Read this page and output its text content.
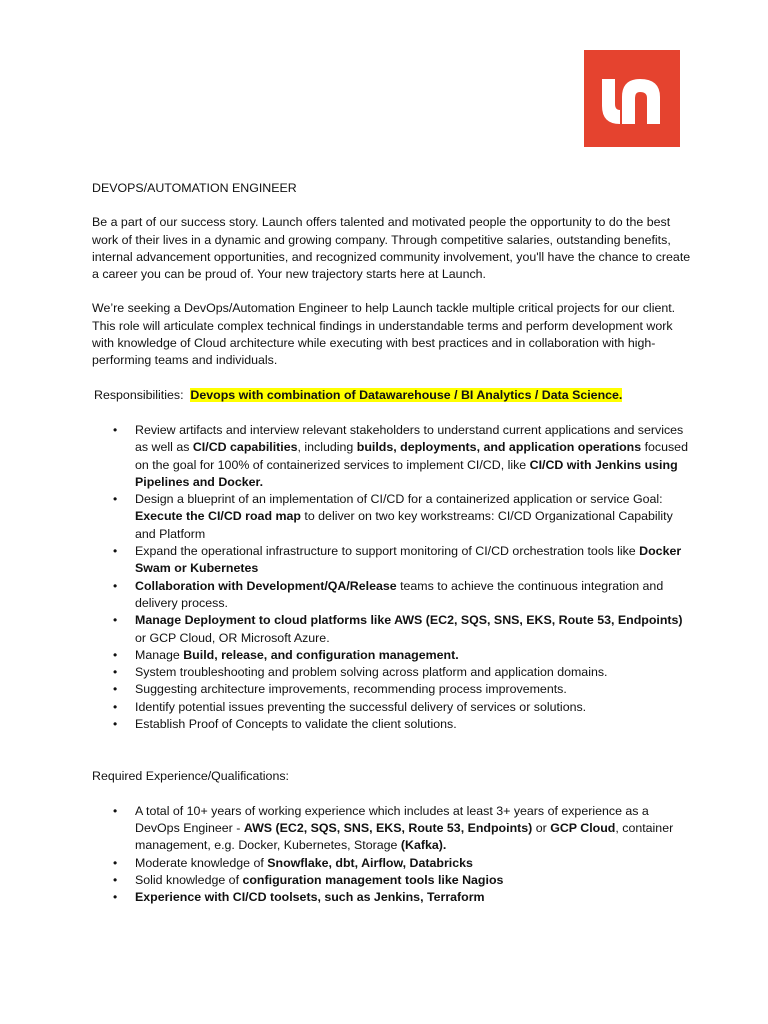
DEVOPS/AUTOMATION ENGINEER

Be a part of our success story. Launch offers talented and motivated people the opportunity to do the best work of their lives in a dynamic and growing company. Through competitive salaries, outstanding benefits, internal advancement opportunities, and recognized community involvement, you'll have the chance to create a career you can be proud of. Your new trajectory starts here at Launch.

We’re seeking a DevOps/Automation Engineer to help Launch tackle multiple critical projects for our client. This role will articulate complex technical findings in understandable terms and perform development work with knowledge of Cloud architecture while executing with best practices and in collaboration with high-performing teams and individuals.

Responsibilities: Devops with combination of Datawarehouse / BI Analytics / Data Science.
• Review artifacts and interview relevant stakeholders to understand current applications and services as well as CI/CD capabilities, including builds, deployments, and application operations focused on the goal for 100% of containerized services to implement CI/CD, like CI/CD with Jenkins using Pipelines and Docker.
• Design a blueprint of an implementation of CI/CD for a containerized application or service Goal: Execute the CI/CD road map to deliver on two key workstreams: CI/CD Organizational Capability and Platform
• Expand the operational infrastructure to support monitoring of CI/CD orchestration tools like Docker Swam or Kubernetes
• Collaboration with Development/QA/Release teams to achieve the continuous integration and delivery process.
• Manage Deployment to cloud platforms like AWS (EC2, SQS, SNS, EKS, Route 53, Endpoints) or GCP Cloud, OR Microsoft Azure.
• Manage Build, release, and configuration management.
• System troubleshooting and problem solving across platform and application domains.
• Suggesting architecture improvements, recommending process improvements.
• Identify potential issues preventing the successful delivery of services or solutions.
• Establish Proof of Concepts to validate the client solutions.
Required Experience/Qualifications:
• A total of 10+ years of working experience which includes at least 3+ years of experience as a DevOps Engineer - AWS (EC2, SQS, SNS, EKS, Route 53, Endpoints) or GCP Cloud, container management, e.g. Docker, Kubernetes, Storage (Kafka).
• Moderate knowledge of Snowflake, dbt, Airflow, Databricks
• Solid knowledge of configuration management tools like Nagios
• Experience with CI/CD toolsets, such as Jenkins, Terraform
